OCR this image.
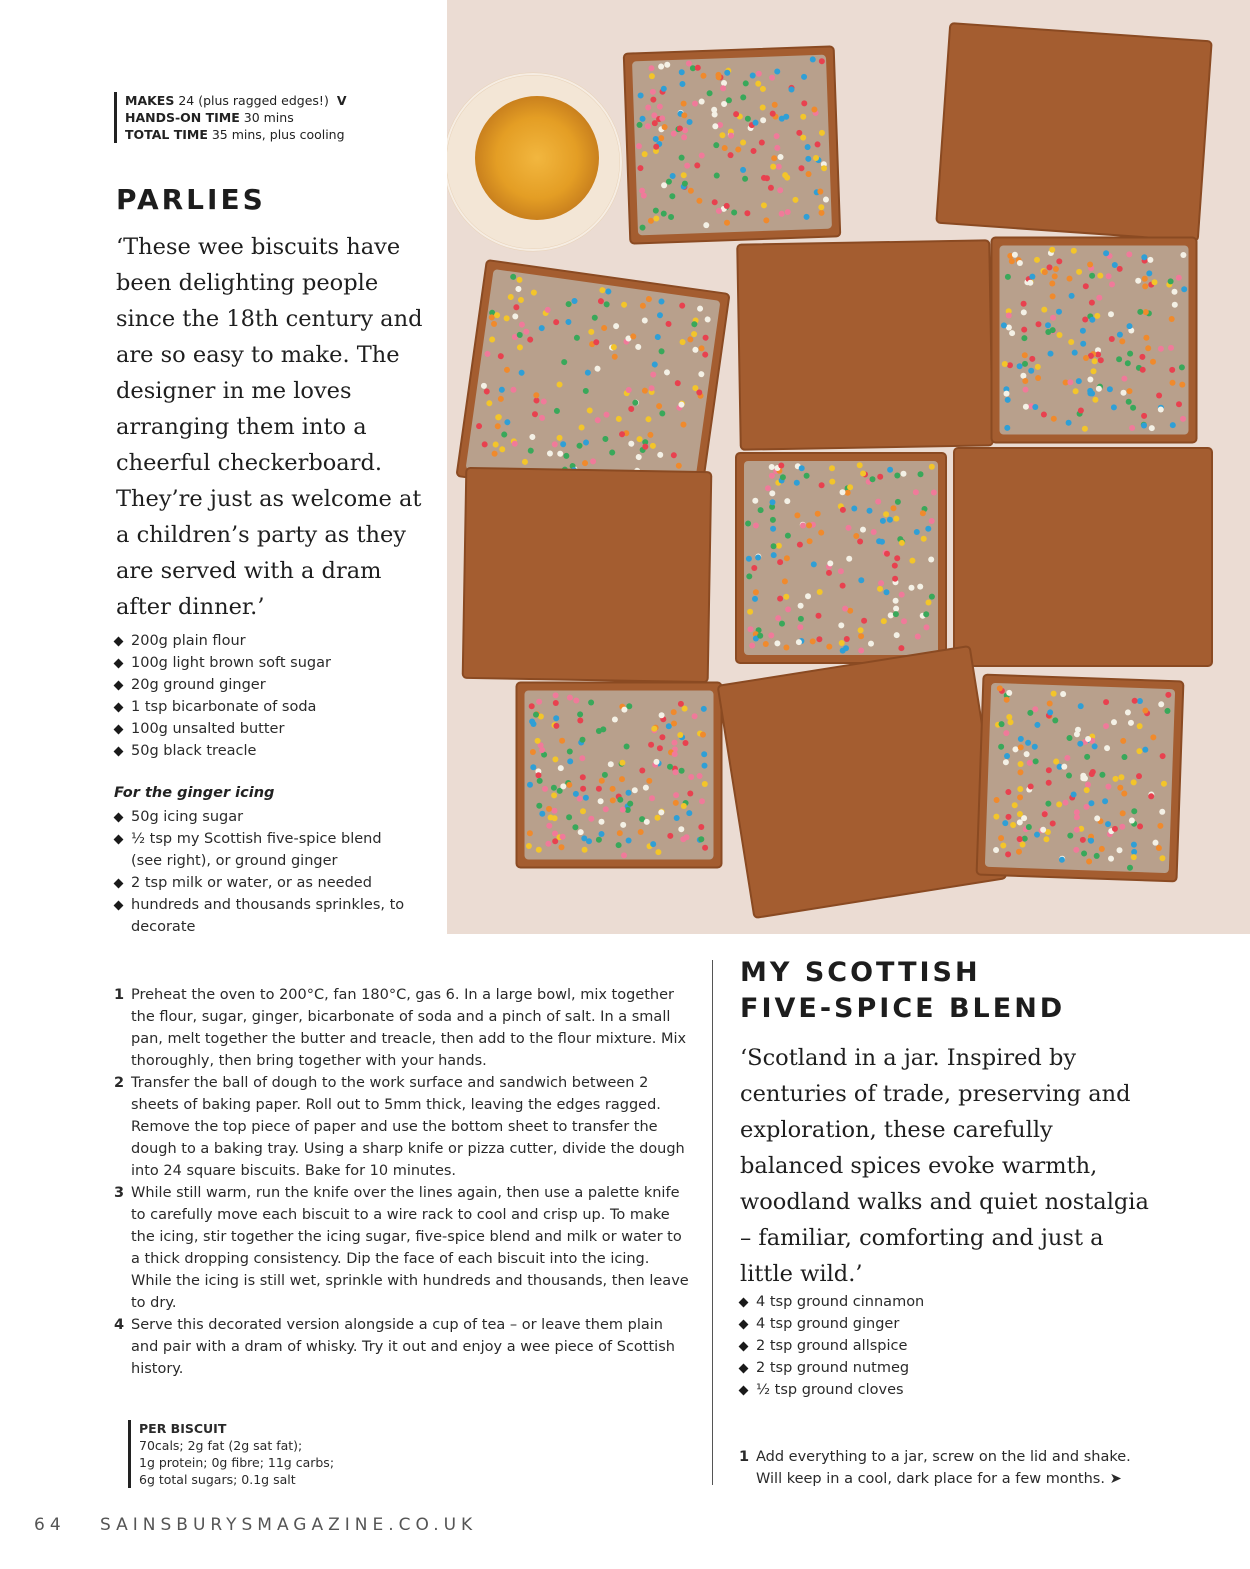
MAKES 24 (plus ragged edges!) V
HANDS-ON TIME 30 mins
TOTAL TIME 35 mins, plus cooling
PARLIES

‘These wee biscuits have been delighting people since the 18th century and are so easy to make. The designer in me loves arranging them into a cheerful checkerboard. They’re just as welcome at a children’s party as they are served with a dram after dinner.’

200g plain flour
100g light brown soft sugar
20g ground ginger
1 tsp bicarbonate of soda
100g unsalted butter
50g black treacle
For the ginger icing
50g icing sugar
½ tsp my Scottish five-spice blend (see right), or ground ginger
2 tsp milk or water, or as needed
hundreds and thousands sprinkles, to decorate
1 Preheat the oven to 200°C, fan 180°C, gas 6. In a large bowl, mix together the flour, sugar, ginger, bicarbonate of soda and a pinch of salt. In a small pan, melt together the butter and treacle, then add to the flour mixture. Mix thoroughly, then bring together with your hands.
2 Transfer the ball of dough to the work surface and sandwich between 2 sheets of baking paper. Roll out to 5mm thick, leaving the edges ragged. Remove the top piece of paper and use the bottom sheet to transfer the dough to a baking tray. Using a sharp knife or pizza cutter, divide the dough into 24 square biscuits. Bake for 10 minutes.
3 While still warm, run the knife over the lines again, then use a palette knife to carefully move each biscuit to a wire rack to cool and crisp up. To make the icing, stir together the icing sugar, five-spice blend and milk or water to a thick dropping consistency. Dip the face of each biscuit into the icing. While the icing is still wet, sprinkle with hundreds and thousands, then leave to dry.
4 Serve this decorated version alongside a cup of tea – or leave them plain and pair with a dram of whisky. Try it out and enjoy a wee piece of Scottish history.
PER BISCUIT
70cals; 2g fat (2g sat fat);
1g protein; 0g fibre; 11g carbs;
6g total sugars; 0.1g salt
MY SCOTTISH
FIVE-SPICE BLEND

‘Scotland in a jar. Inspired by centuries of trade, preserving and exploration, these carefully balanced spices evoke warmth, woodland walks and quiet nostalgia – familiar, comforting and just a little wild.’

4 tsp ground cinnamon
4 tsp ground ginger
2 tsp ground allspice
2 tsp ground nutmeg
½ tsp ground cloves
1 Add everything to a jar, screw on the lid and shake. Will keep in a cool, dark place for a few months. ➤
64 SAINSBURYSMAGAZINE.CO.UK
